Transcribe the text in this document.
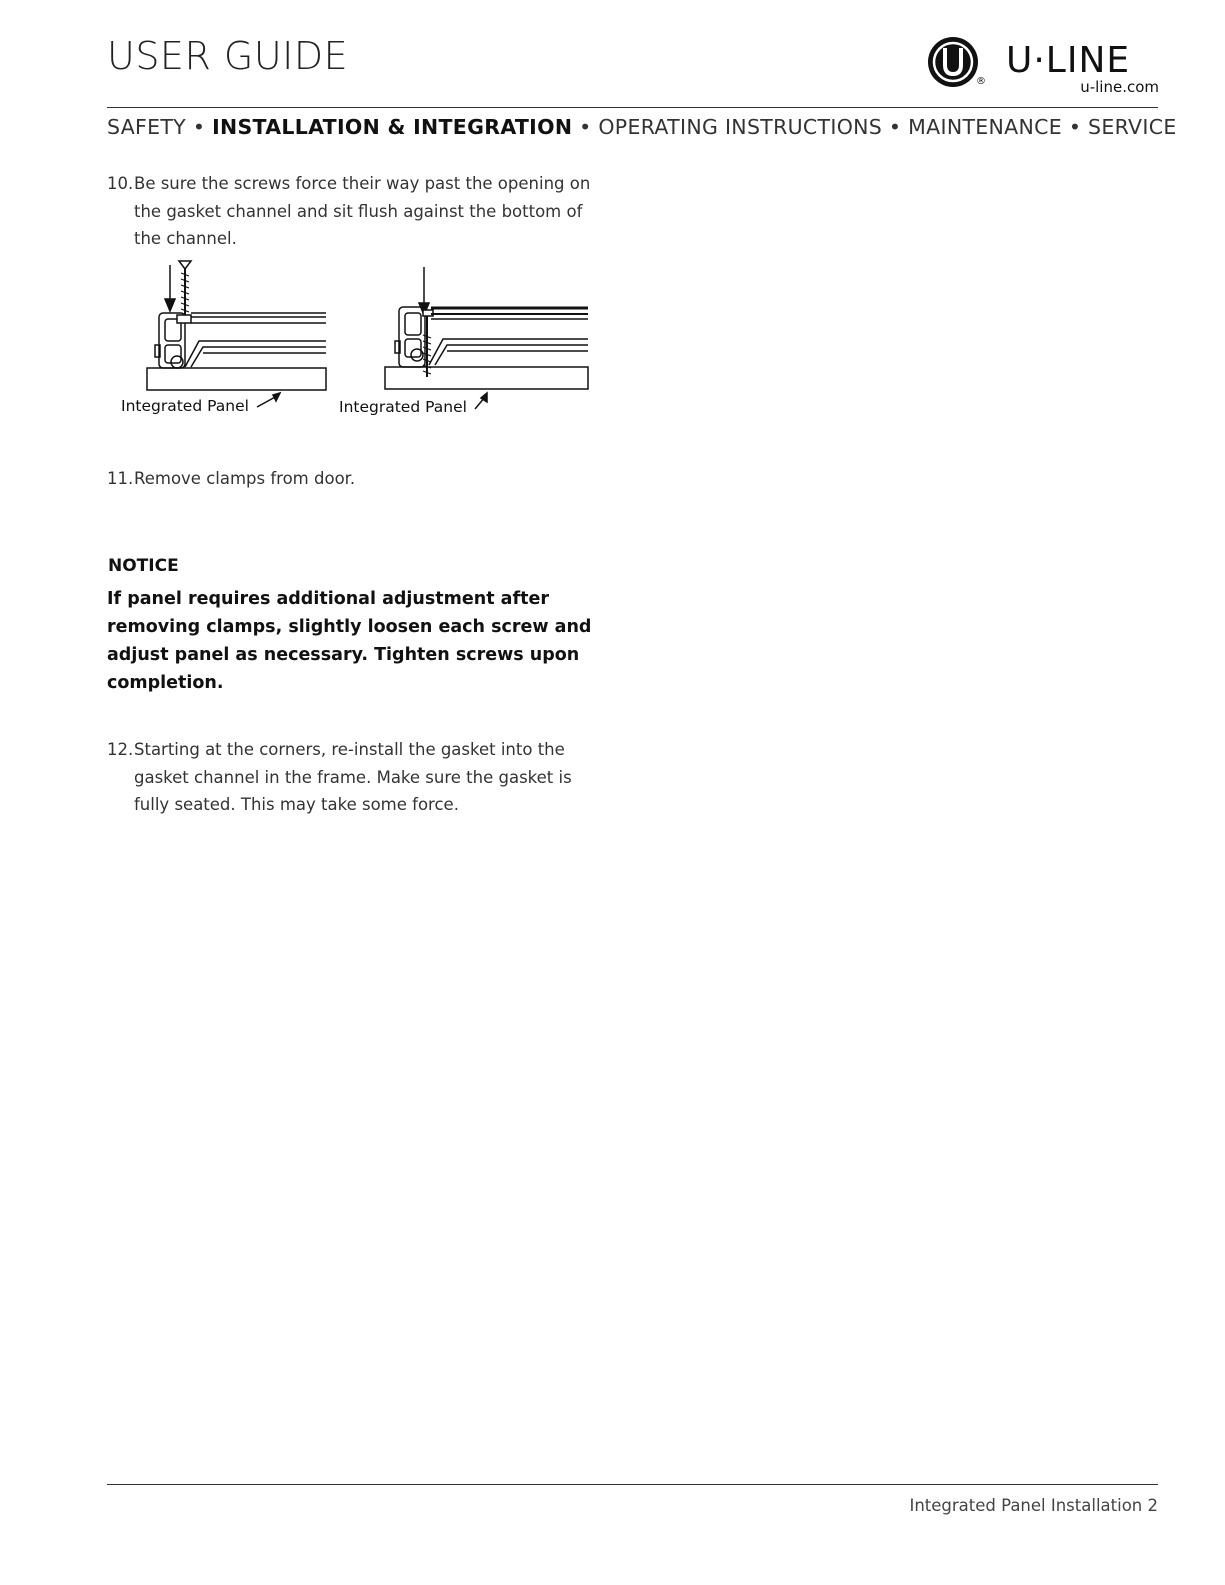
USER GUIDE
®
U·LINE
u-line.com
SAFETY • INSTALLATION & INTEGRATION • OPERATING INSTRUCTIONS • MAINTENANCE • SERVICE
10. Be sure the screws force their way past the opening on the gasket channel and sit flush against the bottom of the channel.
Integrated Panel	Integrated Panel
11. Remove clamps from door.
NOTICE
If panel requires additional adjustment after removing clamps, slightly loosen each screw and adjust panel as necessary. Tighten screws upon completion.
12. Starting at the corners, re-install the gasket into the gasket channel in the frame. Make sure the gasket is fully seated. This may take some force.
Integrated Panel Installation 2
